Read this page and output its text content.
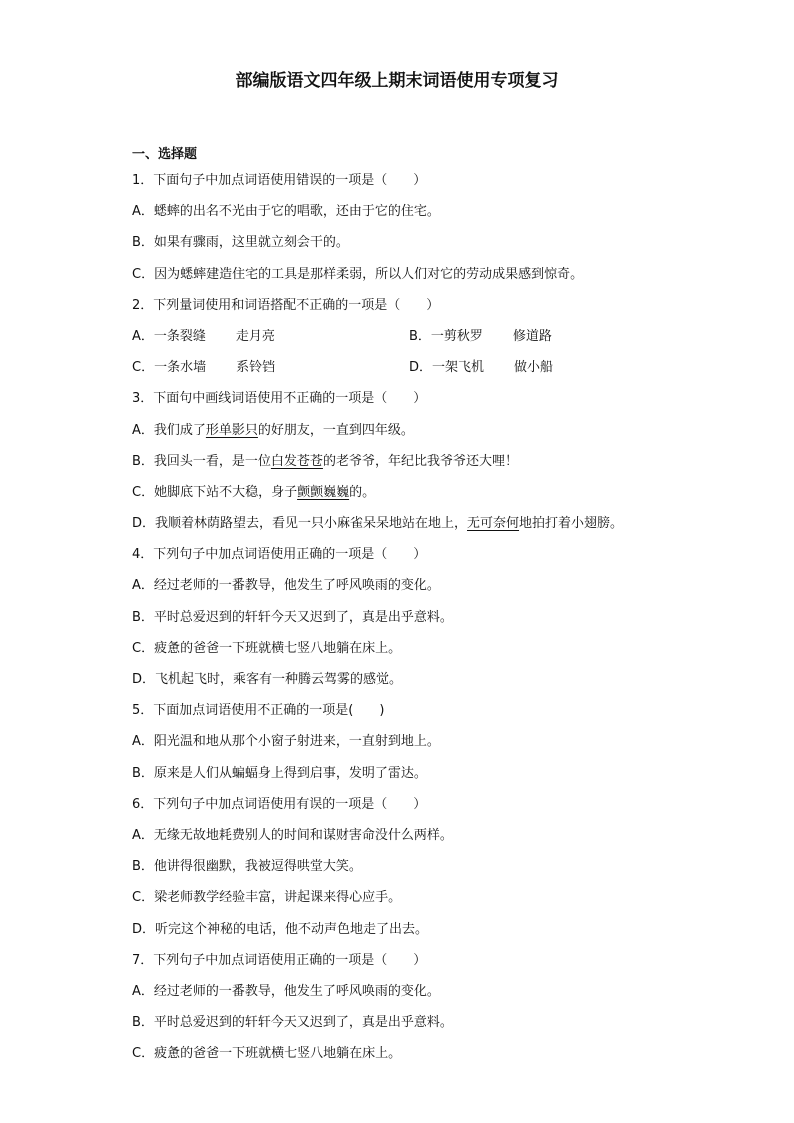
部编版语文四年级上期末词语使用专项复习
一、选择题
1．下面句子中加点词语使用错误的一项是（　　）
A．蟋蟀的出名不光由于它的唱歌，还由于它的住宅。
B．如果有骤雨，这里就立刻会干的。
C．因为蟋蟀建造住宅的工具是那样柔弱，所以人们对它的劳动成果感到惊奇。
2．下列量词使用和词语搭配不正确的一项是（　　）
A．一条裂缝 走月亮	B．一剪秋罗 修道路
C．一条水墙 系铃铛	D．一架飞机 做小船
3．下面句中画线词语使用不正确的一项是（　　）
A．我们成了形单影只的好朋友，一直到四年级。
B．我回头一看，是一位白发苍苍的老爷爷，年纪比我爷爷还大哩！
C．她脚底下站不大稳，身子颤颤巍巍的。
D．我顺着林荫路望去，看见一只小麻雀呆呆地站在地上，无可奈何地拍打着小翅膀。
4．下列句子中加点词语使用正确的一项是（　　）
A．经过老师的一番教导，他发生了呼风唤雨的变化。
B．平时总爱迟到的轩轩今天又迟到了，真是出乎意料。
C．疲惫的爸爸一下班就横七竖八地躺在床上。
D．飞机起飞时，乘客有一种腾云驾雾的感觉。
5．下面加点词语使用不正确的一项是(　　)
A．阳光温和地从那个小窗子射进来，一直射到地上。
B．原来是人们从蝙蝠身上得到启事，发明了雷达。
6．下列句子中加点词语使用有误的一项是（　　）
A．无缘无故地耗费别人的时间和谋财害命没什么两样。
B．他讲得很幽默，我被逗得哄堂大笑。
C．梁老师教学经验丰富，讲起课来得心应手。
D．听完这个神秘的电话，他不动声色地走了出去。
7．下列句子中加点词语使用正确的一项是（　　）
A．经过老师的一番教导，他发生了呼风唤雨的变化。
B．平时总爱迟到的轩轩今天又迟到了，真是出乎意料。
C．疲惫的爸爸一下班就横七竖八地躺在床上。
